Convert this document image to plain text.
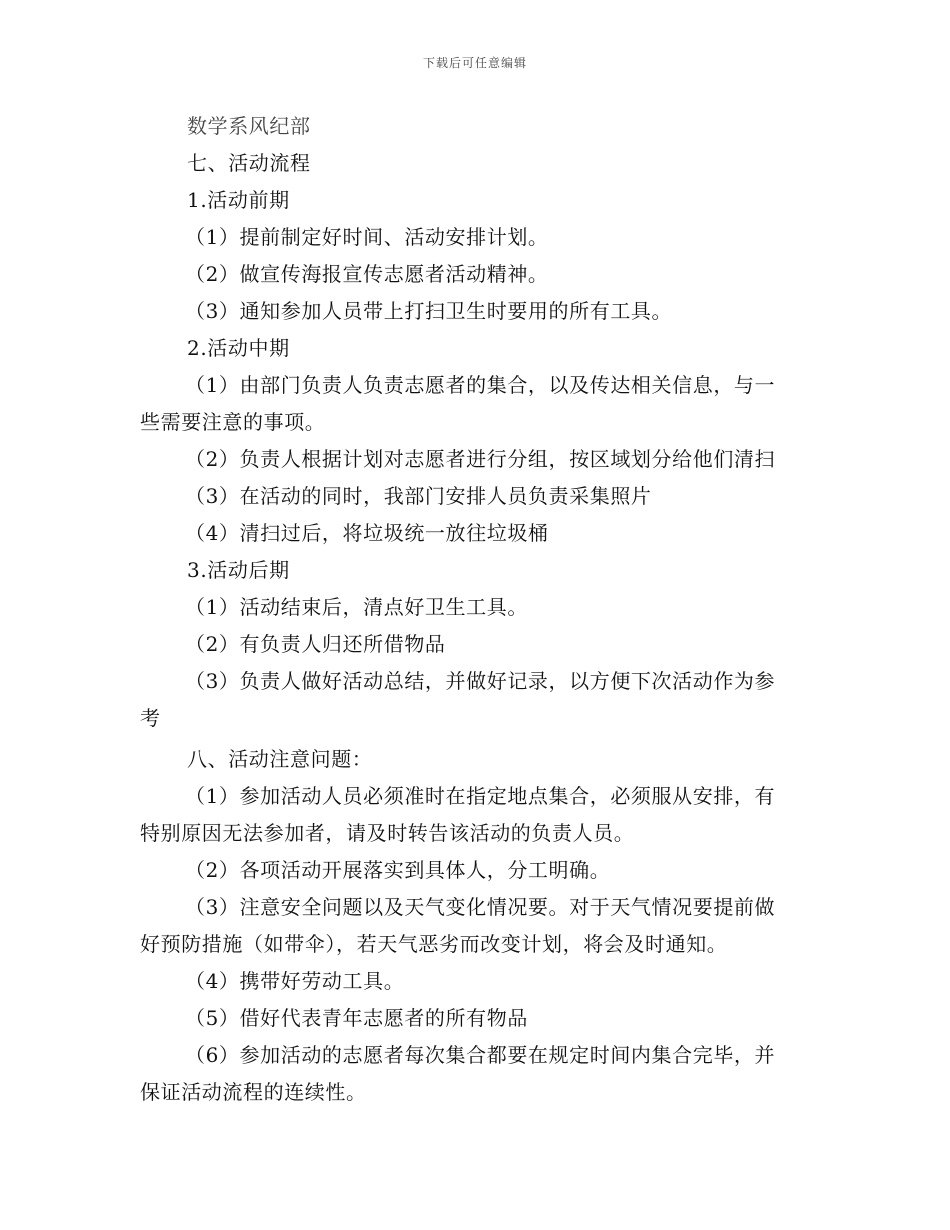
下载后可任意编辑
数学系风纪部
七、活动流程
1.活动前期
（1）提前制定好时间、活动安排计划。
（2）做宣传海报宣传志愿者活动精神。
（3）通知参加人员带上打扫卫生时要用的所有工具。
2.活动中期
（1）由部门负责人负责志愿者的集合，以及传达相关信息，与一
些需要注意的事项。
（2）负责人根据计划对志愿者进行分组，按区域划分给他们清扫
（3）在活动的同时，我部门安排人员负责采集照片
（4）清扫过后，将垃圾统一放往垃圾桶
3.活动后期
（1）活动结束后，清点好卫生工具。
（2）有负责人归还所借物品
（3）负责人做好活动总结，并做好记录，以方便下次活动作为参
考
八、活动注意问题：
（1）参加活动人员必须准时在指定地点集合，必须服从安排，有
特别原因无法参加者，请及时转告该活动的负责人员。
（2）各项活动开展落实到具体人，分工明确。
（3）注意安全问题以及天气变化情况要。对于天气情况要提前做
好预防措施（如带伞），若天气恶劣而改变计划，将会及时通知。
（4）携带好劳动工具。
（5）借好代表青年志愿者的所有物品
（6）参加活动的志愿者每次集合都要在规定时间内集合完毕，并
保证活动流程的连续性。
